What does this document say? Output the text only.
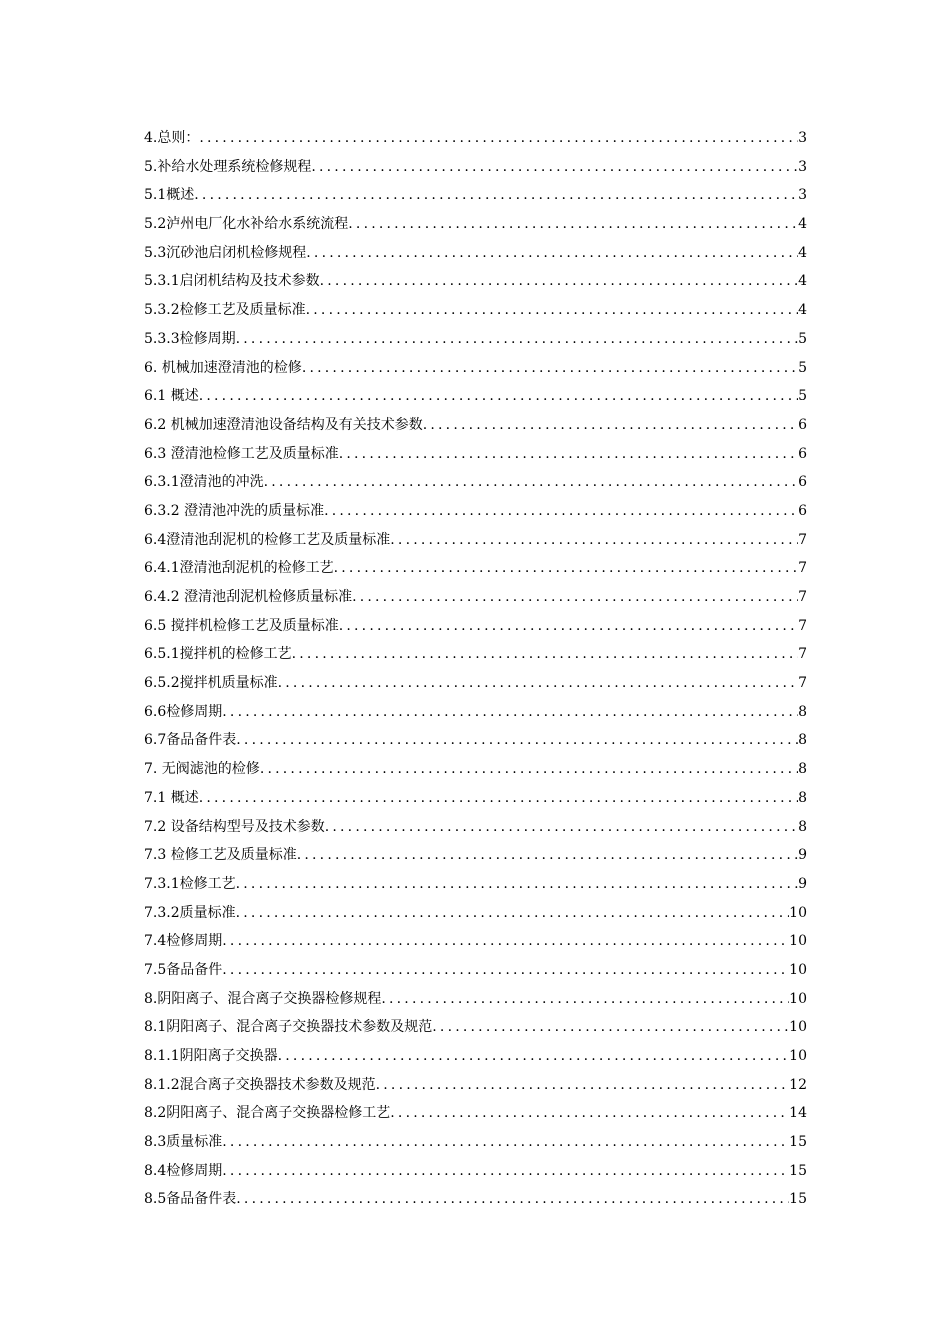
4.总则： .....	3
5.补给水处理系统检修规程 .....	3
5.1概述 .....	3
5.2泸州电厂化水补给水系统流程 .....	4
5.3沉砂池启闭机检修规程 .....	4
5.3.1启闭机结构及技术参数 .....	4
5.3.2检修工艺及质量标准 .....	4
5.3.3检修周期 .....	5
6. 机械加速澄清池的检修 .....	5
6.1 概述 .....	5
6.2 机械加速澄清池设备结构及有关技术参数 .....	6
6.3 澄清池检修工艺及质量标准 .....	6
6.3.1澄清池的冲洗 .....	6
6.3.2 澄清池冲洗的质量标准 .....	6
6.4澄清池刮泥机的检修工艺及质量标准 .....	7
6.4.1澄清池刮泥机的检修工艺 .....	7
6.4.2 澄清池刮泥机检修质量标准 .....	7
6.5 搅拌机检修工艺及质量标准 .....	7
6.5.1搅拌机的检修工艺 .....	7
6.5.2搅拌机质量标准 .....	7
6.6检修周期 .....	8
6.7备品备件表 .....	8
7. 无阀滤池的检修 .....	8
7.1 概述 .....	8
7.2 设备结构型号及技术参数 .....	8
7.3 检修工艺及质量标准 .....	9
7.3.1检修工艺 .....	9
7.3.2质量标准 .....	10
7.4检修周期 .....	10
7.5备品备件 .....	10
8.阴阳离子、混合离子交换器检修规程 .....	10
8.1阴阳离子、混合离子交换器技术参数及规范 .....	10
8.1.1阴阳离子交换器 .....	10
8.1.2混合离子交换器技术参数及规范 .....	12
8.2阴阳离子、混合离子交换器检修工艺 .....	14
8.3质量标准 .....	15
8.4检修周期 .....	15
8.5备品备件表 .....	15
